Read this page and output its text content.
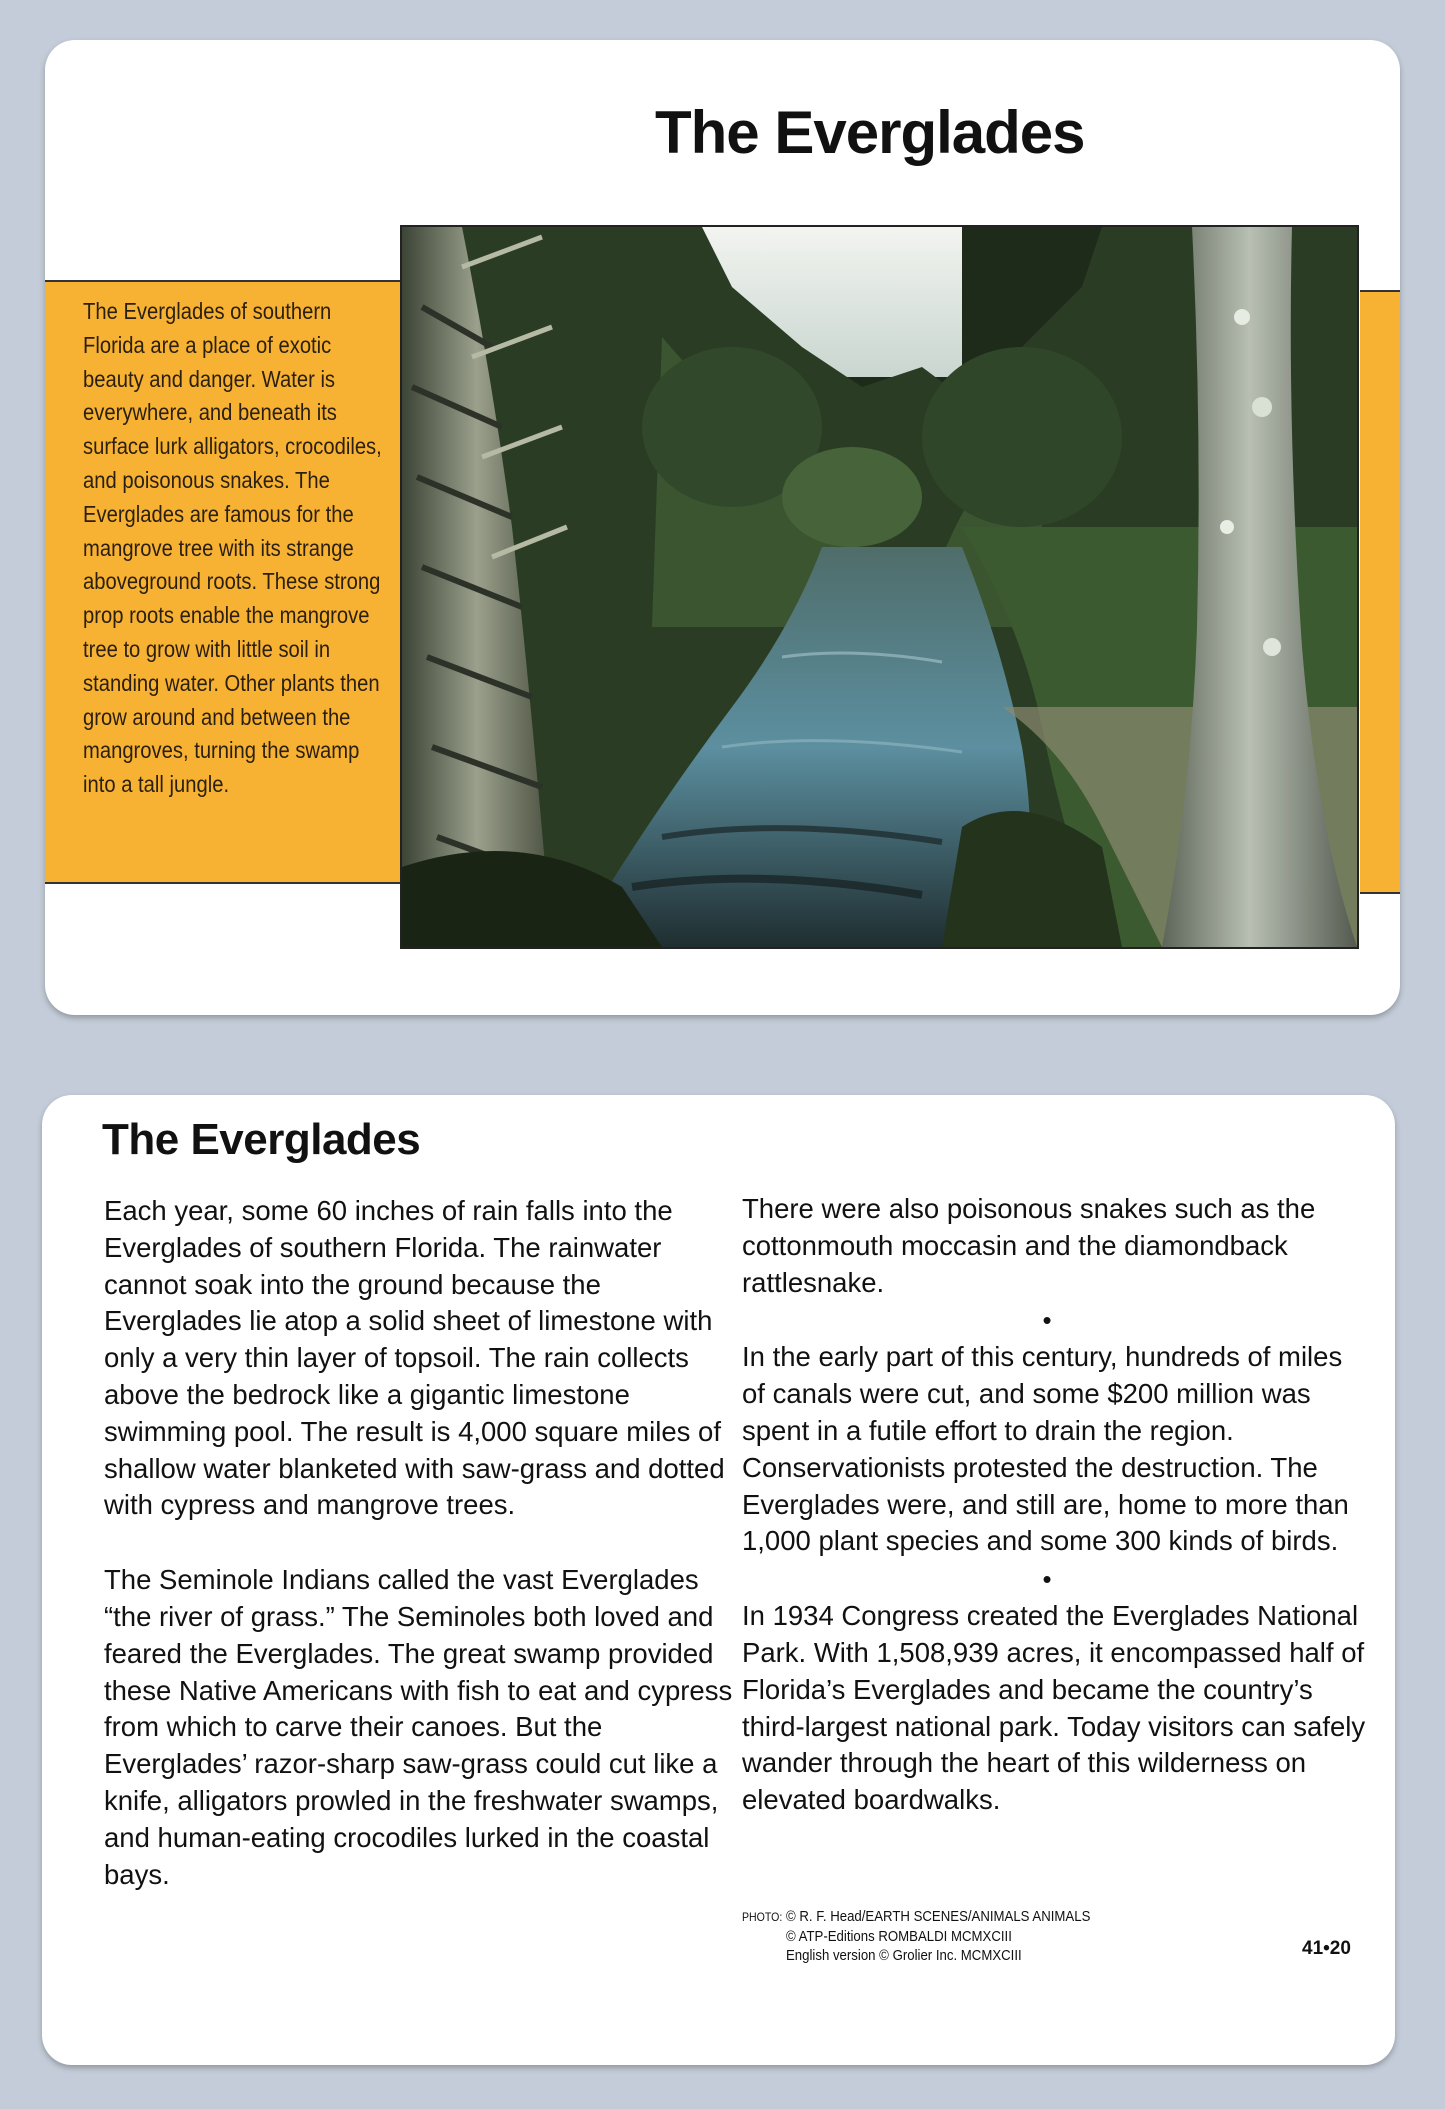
The Everglades

The Everglades of southern Florida are a place of exotic beauty and danger. Water is everywhere, and beneath its surface lurk alligators, crocodiles, and poisonous snakes. The Everglades are famous for the mangrove tree with its strange aboveground roots. These strong prop roots enable the mangrove tree to grow with little soil in standing water. Other plants then grow around and between the mangroves, turning the swamp into a tall jungle.

The Everglades

Each year, some 60 inches of rain falls into the Everglades of southern Florida. The rainwater cannot soak into the ground because the Everglades lie atop a solid sheet of limestone with only a very thin layer of topsoil. The rain collects above the bedrock like a gigantic limestone swimming pool. The result is 4,000 square miles of shallow water blanketed with saw-grass and dotted with cypress and mangrove trees.

The Seminole Indians called the vast Everglades “the river of grass.” The Seminoles both loved and feared the Everglades. The great swamp provided these Native Americans with fish to eat and cypress from which to carve their canoes. But the Everglades’ razor-sharp saw-grass could cut like a knife, alligators prowled in the freshwater swamps, and human-eating crocodiles lurked in the coastal bays.

There were also poisonous snakes such as the cottonmouth moccasin and the diamondback rattlesnake.

•

In the early part of this century, hundreds of miles of canals were cut, and some $200 million was spent in a futile effort to drain the region. Conservationists protested the destruction. The Everglades were, and still are, home to more than 1,000 plant species and some 300 kinds of birds.

•

In 1934 Congress created the Everglades National Park. With 1,508,939 acres, it encompassed half of Florida’s Everglades and became the country’s third-largest national park. Today visitors can safely wander through the heart of this wilderness on elevated boardwalks.

PHOTO: © R. F. Head/EARTH SCENES/ANIMALS ANIMALS
© ATP-Editions ROMBALDI MCMXCIII
English version © Grolier Inc. MCMXCIII	41•20
